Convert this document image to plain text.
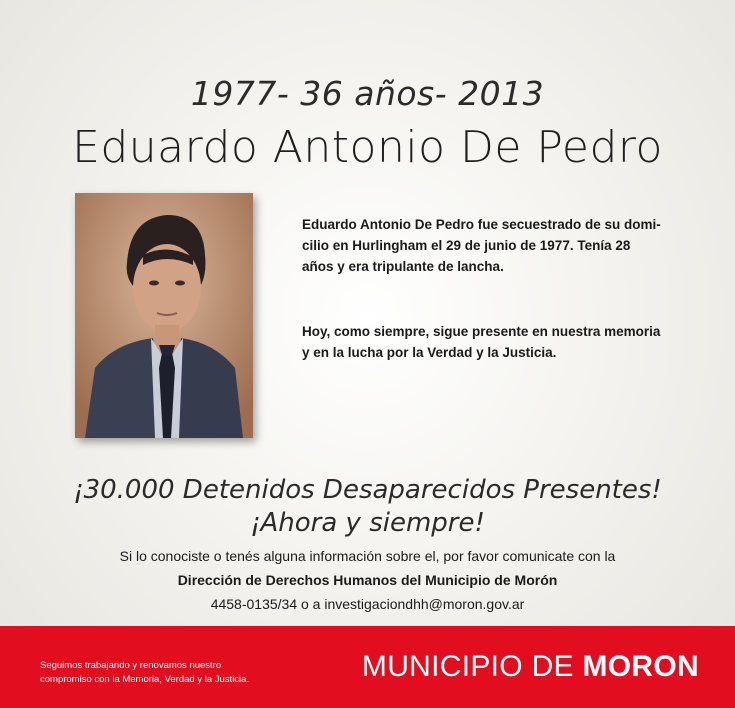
1977- 36 años- 2013
Eduardo Antonio De Pedro
Eduardo Antonio De Pedro fue secuestrado de su domi-
cilio en Hurlingham el 29 de junio de 1977. Tenía 28
años y era tripulante de lancha.
Hoy, como siempre, sigue presente en nuestra memoria
y en la lucha por la Verdad y la Justicia.
¡30.000 Detenidos Desaparecidos Presentes!
¡Ahora y siempre!
Si lo conociste o tenés alguna información sobre el, por favor comunicate con la
Dirección de Derechos Humanos del Municipio de Morón
4458-0135/34 o a investigaciondhh@moron.gov.ar
Seguimos trabajando y renovamos nuestro
compromiso con la Memoria, Verdad y la Justicia.	MUNICIPIO DE MORON
